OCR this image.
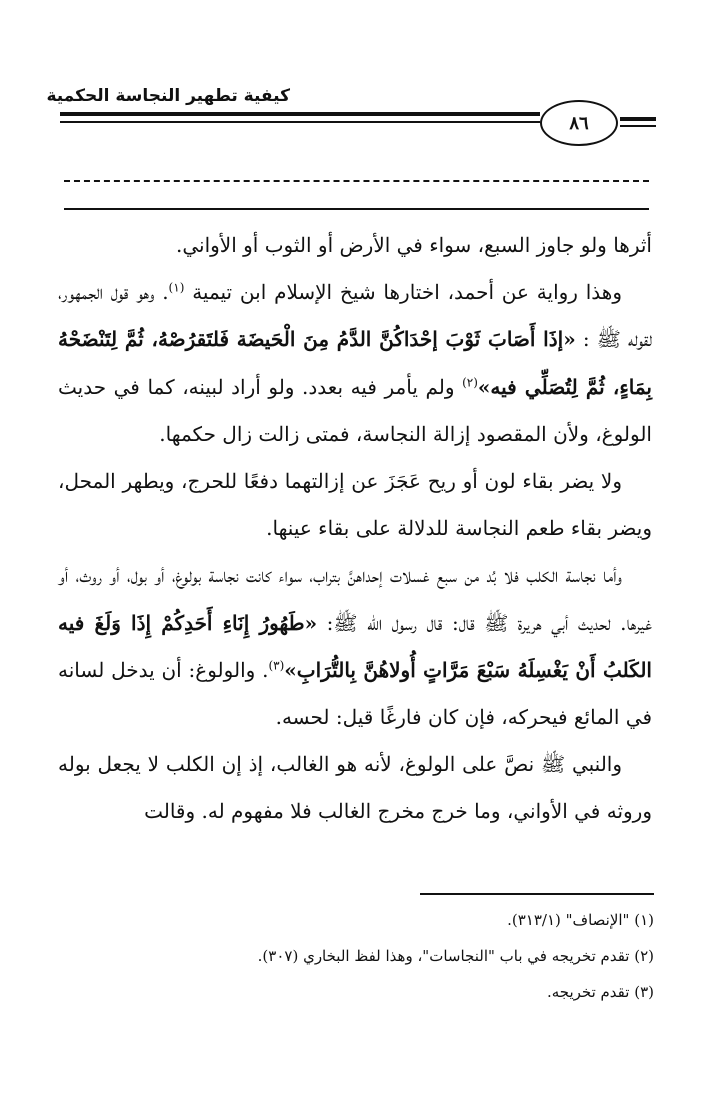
كيفية تطهير النجاسة الحكمية
٨٦

أثرها ولو جاوز السبع، سواء في الأرض أو الثوب أو الأواني.

وهذا رواية عن أحمد، اختارها شيخ الإسلام ابن تيمية $^{(١)}$. وهو قول الجمهور، لقوله ﷺ : «إذَا أَصَابَ ثَوْبَ إحْدَاكُنَّ الدَّمُ مِنَ الْحَيضَة فَلتَقرُصْهُ، ثُمَّ لِتَنْضَحْهُ بِمَاءٍ، ثُمَّ لِتُصَلِّي فيه»$^{(٢)}$ ولم يأمر فيه بعدد. ولو أراد لبينه، كما في حديث الولوغ، ولأن المقصود إزالة النجاسة، فمتى زالت زال حكمها.

ولا يضر بقاء لون أو ريح عَجَزَ عن إزالتهما دفعًا للحرج، ويطهر المحل، ويضر بقاء طعم النجاسة للدلالة على بقاء عينها.

وأما نجاسة الكلب فلا بُد من سبع غسلات إحداهنَّ بتراب، سواء كانت نجاسة بولوغ، أو بول، أو روث، أو غيرها. لحديث أبي هريرة ﷺ قال: قال رسول الله ﷺ: «طَهُورُ إِنَاءِ أَحَدِكُمْ إِذَا وَلَغَ فيه الكَلبُ أَنْ يَغْسِلَهُ سَبْعَ مَرَّاتٍ أُولاهُنَّ بِالتُّرَابِ»$^{(٣)}$. والولوغ: أن يدخل لسانه في المائع فيحركه، فإن كان فارغًا قيل: لحسه.

والنبي ﷺ نصَّ على الولوغ، لأنه هو الغالب، إذ إن الكلب لا يجعل بوله وروثه في الأواني، وما خرج مخرج الغالب فلا مفهوم له. وقالت

(١) "الإنصاف" (٣١٣/١).
(٢) تقدم تخريجه في باب "النجاسات"، وهذا لفظ البخاري (٣٠٧).
(٣) تقدم تخريجه.
